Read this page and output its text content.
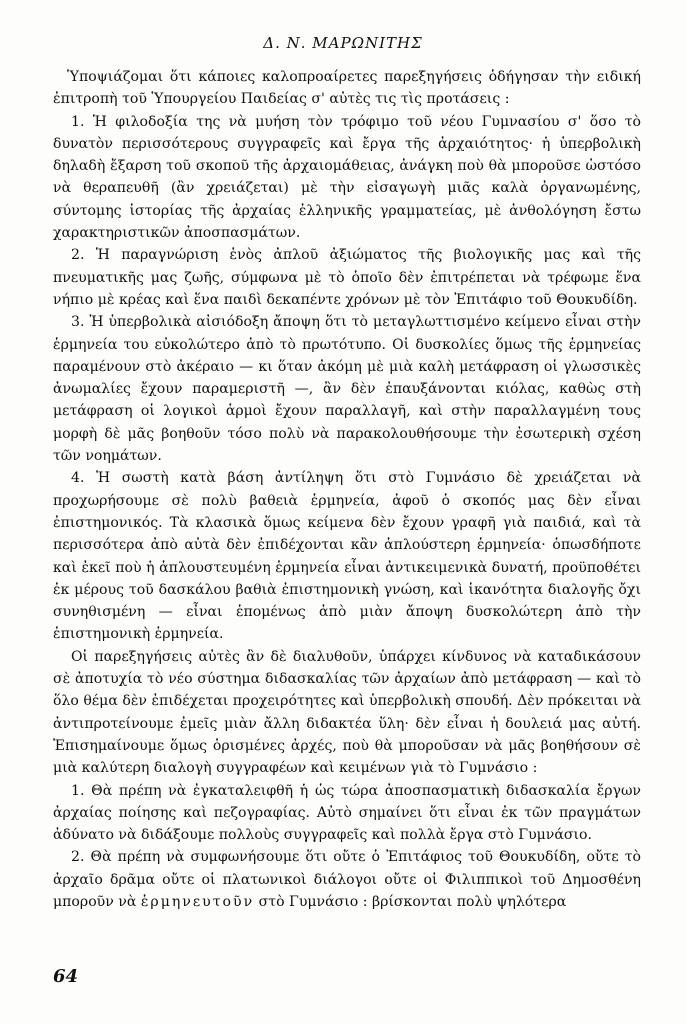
Δ. Ν. ΜΑΡΩΝΙΤΗΣ

Ὑποψιάζομαι ὅτι κάποιες καλοπροαίρετες παρεξηγήσεις ὁδήγησαν τὴν ειδική ἐπιτροπὴ τοῦ Ὑπουργείου Παιδείας σ' αὐτὲς τις τὶς προτάσεις :

1. Ἡ φιλοδοξία της νὰ μυήση τὸν τρόφιμο τοῦ νέου Γυμνασίου σ' ὅσο τὸ δυνατὸν περισσότερους συγγραφεῖς καὶ ἔργα τῆς ἀρχαιότητος· ἡ ὑπερβολικὴ δηλαδὴ ἔξαρση τοῦ σκοποῦ τῆς ἀρχαιομάθειας, ἀνάγκη ποὺ θὰ μποροῦσε ὡστόσο νὰ θεραπευθῆ (ἂν χρειάζεται) μὲ τὴν εἰσαγωγὴ μιᾶς καλὰ ὀργανωμένης, σύντομης ἱστορίας τῆς ἀρχαίας ἑλληνικῆς γραμματείας, μὲ ἀνθολόγηση ἔστω χαρακτηριστικῶν ἀποσπασμάτων.

2. Ἡ παραγνώριση ἑνὸς ἀπλοῦ ἀξιώματος τῆς βιολογικῆς μας καὶ τῆς πνευματικῆς μας ζωῆς, σύμφωνα μὲ τὸ ὁποῖο δὲν ἐπιτρέπεται νὰ τρέφωμε ἕνα νήπιο μὲ κρέας καὶ ἕνα παιδὶ δεκαπέντε χρόνων μὲ τὸν Ἐπιτάφιο τοῦ Θουκυδίδη.

3. Ἡ ὑπερβολικὰ αἰσιόδοξη ἄποψη ὅτι τὸ μεταγλωττισμένο κείμενο εἶναι στὴν ἑρμηνεία του εὐκολώτερο ἀπὸ τὸ πρωτότυπο. Οἱ δυσκολίες ὅμως τῆς ἑρμηνείας παραμένουν στὸ ἀκέραιο — κι ὅταν ἀκόμη μὲ μιὰ καλὴ μετάφραση οἱ γλωσσικὲς ἀνωμαλίες ἔχουν παραμεριστῆ —, ἂν δὲν ἐπαυξάνονται κιόλας, καθὼς στὴ μετάφραση οἱ λογικοὶ ἁρμοὶ ἔχουν παραλλαγῆ, καὶ στὴν παραλλαγμένη τους μορφὴ δὲ μᾶς βοηθοῦν τόσο πολὺ νὰ παρακολουθήσουμε τὴν ἐσωτερικὴ σχέση τῶν νοημάτων.

4. Ἡ σωστὴ κατὰ βάση ἀντίληψη ὅτι στὸ Γυμνάσιο δὲ χρειάζεται νὰ προχωρήσουμε σὲ πολὺ βαθειὰ ἑρμηνεία, ἀφοῦ ὁ σκοπός μας δὲν εἶναι ἐπιστημονικός. Τὰ κλασικὰ ὅμως κείμενα δὲν ἔχουν γραφῆ γιὰ παιδιά, καὶ τὰ περισσότερα ἀπὸ αὐτὰ δὲν ἐπιδέχονται κἂν ἁπλούστερη ἑρμηνεία· ὁπωσδήποτε καὶ ἐκεῖ ποὺ ἡ ἁπλουστευμένη ἑρμηνεία εἶναι ἀντικειμενικὰ δυνατή, προϋποθέτει ἐκ μέρους τοῦ δασκάλου βαθιὰ ἐπιστημονικὴ γνώση, καὶ ἱκανότητα διαλογῆς ὄχι συνηθισμένη — εἶναι ἑπομένως ἀπὸ μιὰν ἄποψη δυσκολώτερη ἀπὸ τὴν ἐπιστημονικὴ ἑρμηνεία.

Οἱ παρεξηγήσεις αὐτὲς ἂν δὲ διαλυθοῦν, ὑπάρχει κίνδυνος νὰ καταδικάσουν σὲ ἀποτυχία τὸ νέο σύστημα διδασκαλίας τῶν ἀρχαίων ἀπὸ μετάφραση — καὶ τὸ ὅλο θέμα δὲν ἐπιδέχεται προχειρότητες καὶ ὑπερβολικὴ σπουδή. Δὲν πρόκειται νὰ ἀντιπροτείνουμε ἐμεῖς μιὰν ἄλλη διδακτέα ὕλη· δὲν εἶναι ἡ δουλειά μας αὐτή. Ἐπισημαίνουμε ὅμως ὁρισμένες ἀρχές, ποὺ θὰ μποροῦσαν νὰ μᾶς βοηθήσουν σὲ μιὰ καλύτερη διαλογὴ συγγραφέων καὶ κειμένων γιὰ τὸ Γυμνάσιο :

1. Θὰ πρέπη νὰ ἐγκαταλειφθῆ ἡ ὡς τώρα ἀποσπασματικὴ διδασκαλία ἔργων ἀρχαίας ποίησης καὶ πεζογραφίας. Αὐτὸ σημαίνει ὅτι εἶναι ἐκ τῶν πραγμάτων ἀδύνατο νὰ διδάξουμε πολλοὺς συγγραφεῖς καὶ πολλὰ ἔργα στὸ Γυμνάσιο.

2. Θὰ πρέπη νὰ συμφωνήσουμε ὅτι οὔτε ὁ Ἐπιτάφιος τοῦ Θουκυδίδη, οὔτε τὸ ἀρχαῖο δρᾶμα οὔτε οἱ πλατωνικοὶ διάλογοι οὔτε οἱ Φιλιππικοὶ τοῦ Δημοσθένη μποροῦν νὰ ἑρμηνευτοῦν στὸ Γυμνάσιο : βρίσκονται πολὺ ψηλότερα

64
